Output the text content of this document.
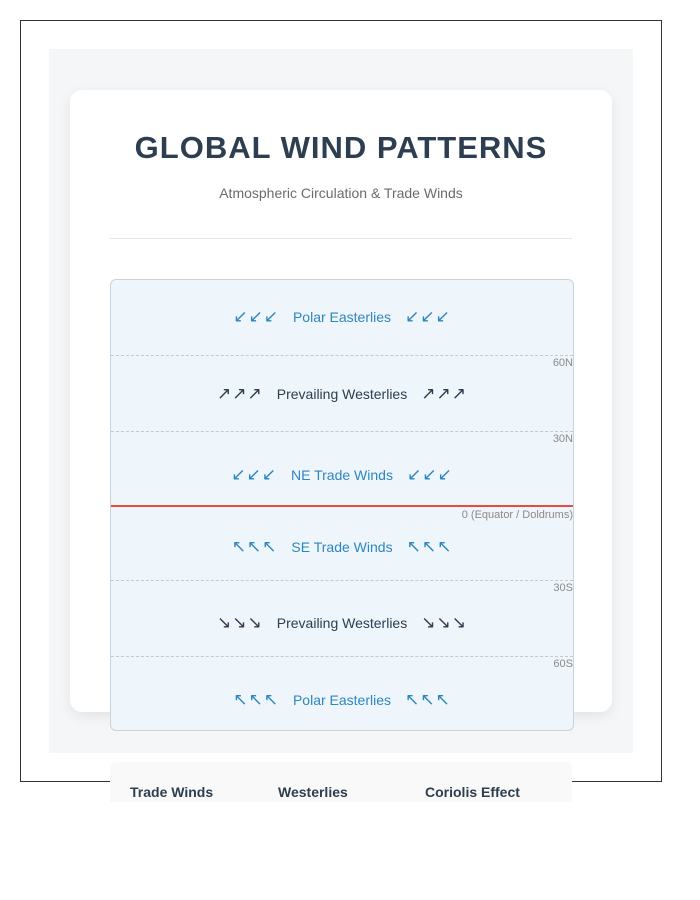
GLOBAL WIND PATTERNS

Atmospheric Circulation & Trade Winds

↙↙↙ Polar Easterlies ↙↙↙
60N
↗↗↗ Prevailing Westerlies ↗↗↗
30N
↙↙↙ NE Trade Winds ↙↙↙
0 (Equator / Doldrums)
↖↖↖ SE Trade Winds ↖↖↖
30S
↘↘↘ Prevailing Westerlies ↘↘↘
60S
↖↖↖ Polar Easterlies ↖↖↖
Trade Winds	Westerlies	Coriolis Effect
